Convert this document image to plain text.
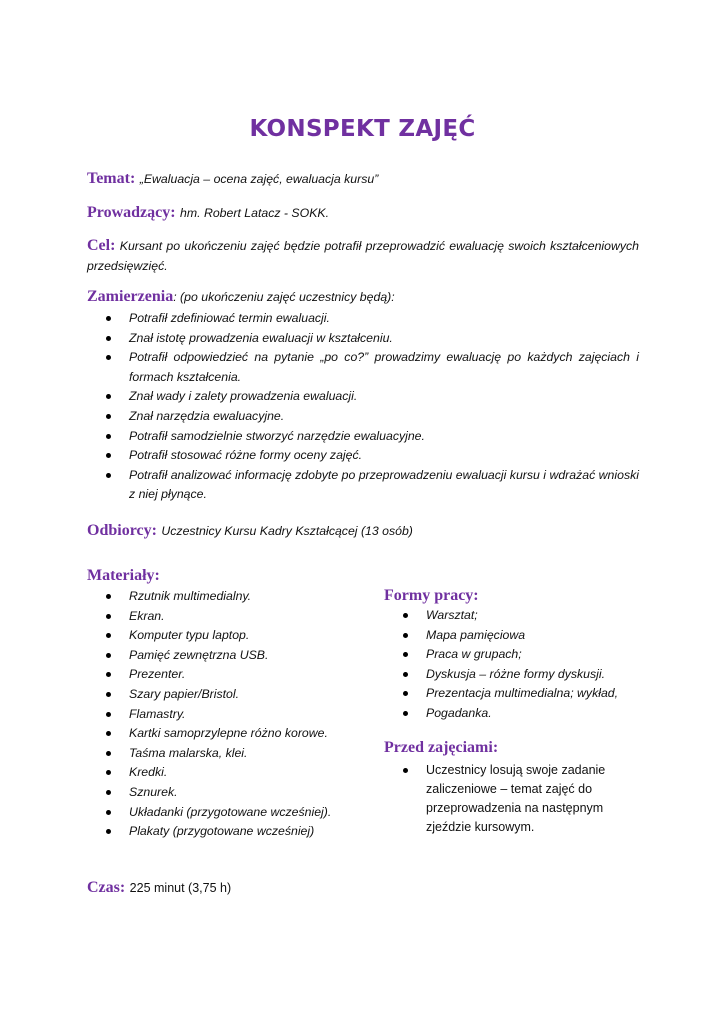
KONSPEKT ZAJĘĆ
Temat: „Ewaluacja – ocena zajęć, ewaluacja kursu”
Prowadzący: hm. Robert Latacz - SOKK.
Cel: Kursant po ukończeniu zajęć będzie potrafił przeprowadzić ewaluację swoich kształceniowych przedsięwzięć.
Zamierzenia: (po ukończeniu zajęć uczestnicy będą):
Potrafił zdefiniować termin ewaluacji.
Znał istotę prowadzenia ewaluacji w kształceniu.
Potrafił odpowiedzieć na pytanie „po co?” prowadzimy ewaluację po każdych zajęciach i formach kształcenia.
Znał wady i zalety prowadzenia ewaluacji.
Znał narzędzia ewaluacyjne.
Potrafił samodzielnie stworzyć narzędzie ewaluacyjne.
Potrafił stosować różne formy oceny zajęć.
Potrafił analizować informację zdobyte po przeprowadzeniu ewaluacji kursu i wdrażać wnioski z niej płynące.
Odbiorcy: Uczestnicy Kursu Kadry Kształcącej (13 osób)
Materiały:
Rzutnik multimedialny.
Ekran.
Komputer typu laptop.
Pamięć zewnętrzna USB.
Prezenter.
Szary papier/Bristol.
Flamastry.
Kartki samoprzylepne różno korowe.
Taśma malarska, klei.
Kredki.
Sznurek.
Układanki (przygotowane wcześniej).
Plakaty (przygotowane wcześniej)
Formy pracy:
Warsztat;
Mapa pamięciowa
Praca w grupach;
Dyskusja – różne formy dyskusji.
Prezentacja multimedialna; wykład,
Pogadanka.
Przed zajęciami:
Uczestnicy losują swoje zadanie zaliczeniowe – temat zajęć do przeprowadzenia na następnym zjeździe kursowym.
Czas: 225 minut (3,75 h)
